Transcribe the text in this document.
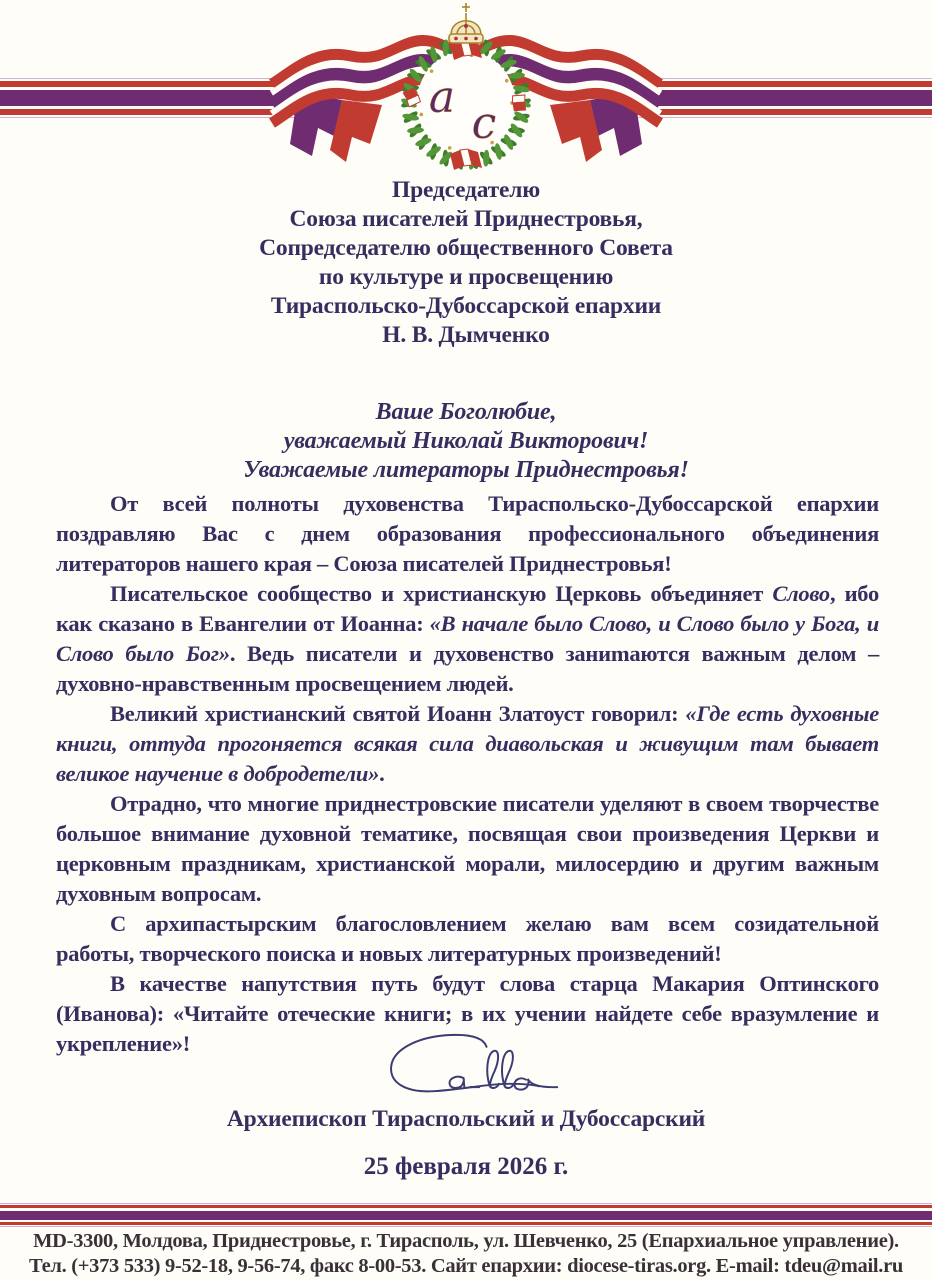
а
с
Председателю
Союза писателей Приднестровья,
Сопредседателю общественного Совета
по культуре и просвещению
Тираспольско-Дубоссарской епархии
Н. В. Дымченко
Ваше Боголюбие,
уважаемый Николай Викторович!
Уважаемые литераторы Приднестровья!

От всей полноты духовенства Тираспольско-Дубоссарской епархии поздравляю Вас с днем образования профессионального объединения литераторов нашего края – Союза писателей Приднестровья!

Писательское сообщество и христианскую Церковь объединяет Слово, ибо как сказано в Евангелии от Иоанна: «В начале было Слово, и Слово было у Бога, и Слово было Бог». Ведь писатели и духовенство заниmаются важным делом – духовно-нравственным просвещением людей.

Великий христианский святой Иоанн Златоуст говорил: «Где есть духовные книги, оттуда прогоняется всякая сила диавольская и живущим там бывает великое научение в добродетели».

Отрадно, что многие приднестровские писатели уделяют в своем творчестве большое внимание духовной тематике, посвящая свои произведения Церкви и церковным праздникам, христианской морали, милосердию и другим важным духовным вопросам.

С архипастырским благословлением желаю вам всем созидательной работы, творческого поиска и новых литературных произведений!

В качестве напутствия путь будут слова старца Макария Оптинского (Иванова): «Читайте отеческие книги; в их учении найдете себе вразумление и укрепление»!

Архиепископ Тираспольский и Дубоссарский
25 февраля 2026 г.
MD-3300, Молдова, Приднестровье, г. Тирасполь, ул. Шевченко, 25 (Епархиальное управление).
Тел. (+373 533) 9-52-18, 9-56-74, факс 8-00-53. Сайт епархии: diocese-tiras.org. E-mail: tdeu@mail.ru
